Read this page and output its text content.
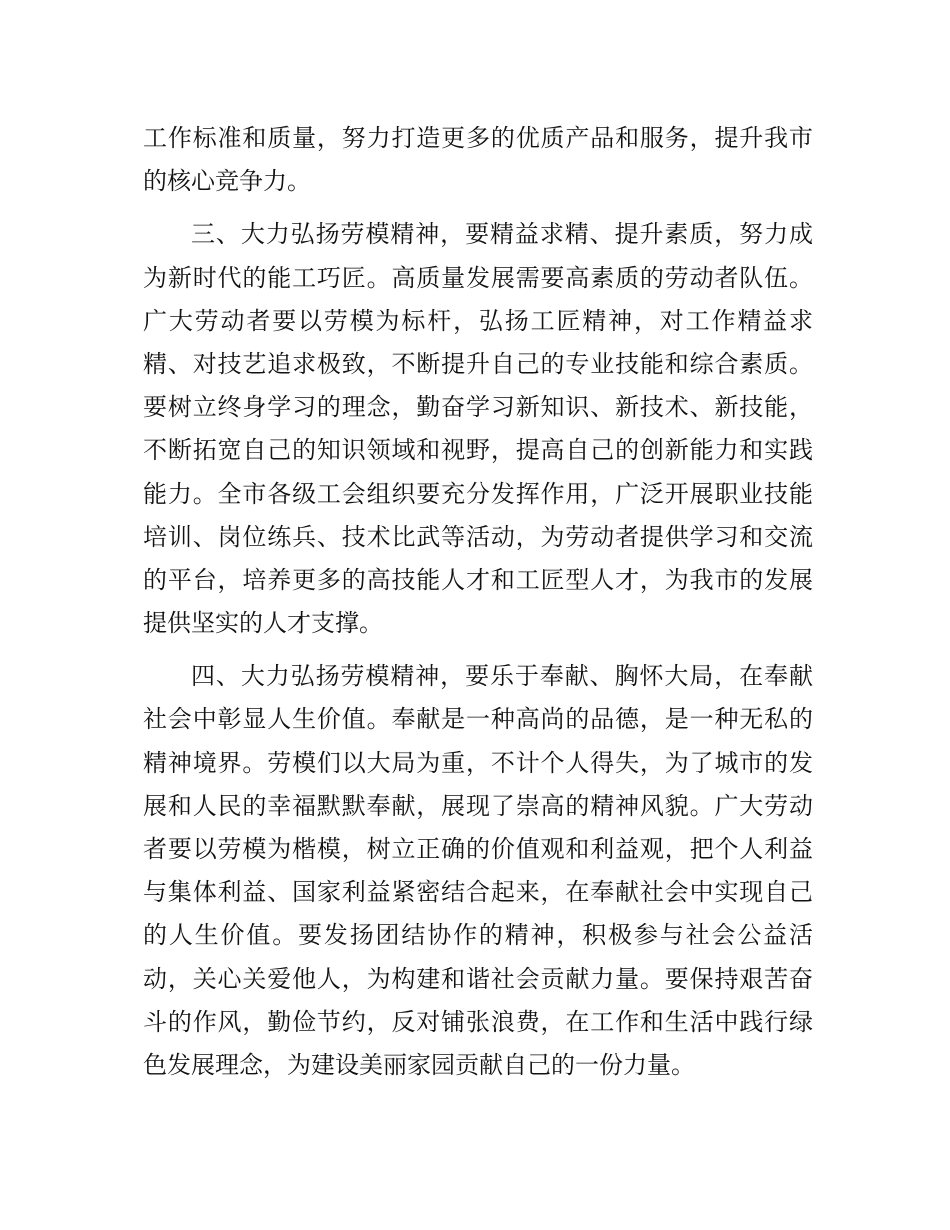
工作标准和质量，努力打造更多的优质产品和服务，提升我市
的核心竞争力。
三、大力弘扬劳模精神，要精益求精、提升素质，努力成
为新时代的能工巧匠。高质量发展需要高素质的劳动者队伍。
广大劳动者要以劳模为标杆，弘扬工匠精神，对工作精益求
精、对技艺追求极致，不断提升自己的专业技能和综合素质。
要树立终身学习的理念，勤奋学习新知识、新技术、新技能，
不断拓宽自己的知识领域和视野，提高自己的创新能力和实践
能力。全市各级工会组织要充分发挥作用，广泛开展职业技能
培训、岗位练兵、技术比武等活动，为劳动者提供学习和交流
的平台，培养更多的高技能人才和工匠型人才，为我市的发展
提供坚实的人才支撑。
四、大力弘扬劳模精神，要乐于奉献、胸怀大局，在奉献
社会中彰显人生价值。奉献是一种高尚的品德，是一种无私的
精神境界。劳模们以大局为重，不计个人得失，为了城市的发
展和人民的幸福默默奉献，展现了崇高的精神风貌。广大劳动
者要以劳模为楷模，树立正确的价值观和利益观，把个人利益
与集体利益、国家利益紧密结合起来，在奉献社会中实现自己
的人生价值。要发扬团结协作的精神，积极参与社会公益活
动，关心关爱他人，为构建和谐社会贡献力量。要保持艰苦奋
斗的作风，勤俭节约，反对铺张浪费，在工作和生活中践行绿
色发展理念，为建设美丽家园贡献自己的一份力量。
